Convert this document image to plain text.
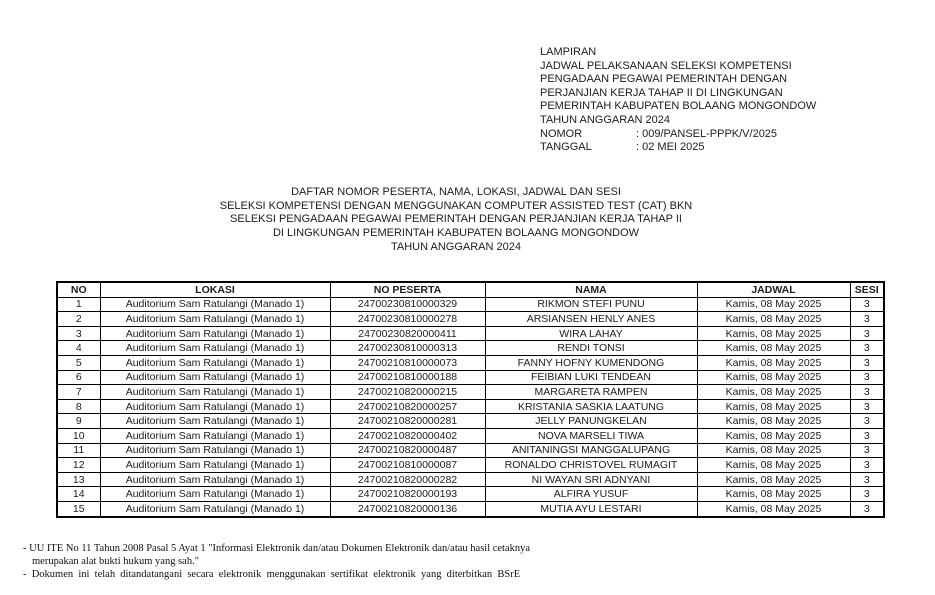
LAMPIRAN
JADWAL PELAKSANAAN SELEKSI KOMPETENSI
PENGADAAN PEGAWAI PEMERINTAH DENGAN
PERJANJIAN KERJA TAHAP II DI LINGKUNGAN
PEMERINTAH KABUPATEN BOLAANG MONGONDOW
TAHUN ANGGARAN 2024
NOMOR	: 009/PANSEL-PPPK/V/2025
TANGGAL	: 02 MEI 2025
DAFTAR NOMOR PESERTA, NAMA, LOKASI, JADWAL DAN SESI
SELEKSI KOMPETENSI DENGAN MENGGUNAKAN COMPUTER ASSISTED TEST (CAT) BKN
SELEKSI PENGADAAN PEGAWAI PEMERINTAH DENGAN PERJANJIAN KERJA TAHAP II
DI LINGKUNGAN PEMERINTAH KABUPATEN BOLAANG MONGONDOW
TAHUN ANGGARAN 2024
NO	LOKASI	NO PESERTA	NAMA	JADWAL	SESI
1	Auditorium Sam Ratulangi (Manado 1)	24700230810000329	RIKMON STEFI PUNU	Kamis, 08 May 2025	3
2	Auditorium Sam Ratulangi (Manado 1)	24700230810000278	ARSIANSEN HENLY ANES	Kamis, 08 May 2025	3
3	Auditorium Sam Ratulangi (Manado 1)	24700230820000411	WIRA LAHAY	Kamis, 08 May 2025	3
4	Auditorium Sam Ratulangi (Manado 1)	24700230810000313	RENDI TONSI	Kamis, 08 May 2025	3
5	Auditorium Sam Ratulangi (Manado 1)	24700210810000073	FANNY HOFNY KUMENDONG	Kamis, 08 May 2025	3
6	Auditorium Sam Ratulangi (Manado 1)	24700210810000188	FEIBIAN LUKI TENDEAN	Kamis, 08 May 2025	3
7	Auditorium Sam Ratulangi (Manado 1)	24700210820000215	MARGARETA RAMPEN	Kamis, 08 May 2025	3
8	Auditorium Sam Ratulangi (Manado 1)	24700210820000257	KRISTANIA SASKIA LAATUNG	Kamis, 08 May 2025	3
9	Auditorium Sam Ratulangi (Manado 1)	24700210820000281	JELLY PANUNGKELAN	Kamis, 08 May 2025	3
10	Auditorium Sam Ratulangi (Manado 1)	24700210820000402	NOVA MARSELI TIWA	Kamis, 08 May 2025	3
11	Auditorium Sam Ratulangi (Manado 1)	24700210820000487	ANITANINGSI MANGGALUPANG	Kamis, 08 May 2025	3
12	Auditorium Sam Ratulangi (Manado 1)	24700210810000087	RONALDO CHRISTOVEL RUMAGIT	Kamis, 08 May 2025	3
13	Auditorium Sam Ratulangi (Manado 1)	24700210820000282	NI WAYAN SRI ADNYANI	Kamis, 08 May 2025	3
14	Auditorium Sam Ratulangi (Manado 1)	24700210820000193	ALFIRA YUSUF	Kamis, 08 May 2025	3
15	Auditorium Sam Ratulangi (Manado 1)	24700210820000136	MUTIA AYU LESTARI	Kamis, 08 May 2025	3
- UU ITE No 11 Tahun 2008 Pasal 5 Ayat 1 "Informasi Elektronik dan/atau Dokumen Elektronik dan/atau hasil cetaknya
merupakan alat bukti hukum yang sah."
- Dokumen ini telah ditandatangani secara elektronik menggunakan sertifikat elektronik yang diterbitkan BSrE
